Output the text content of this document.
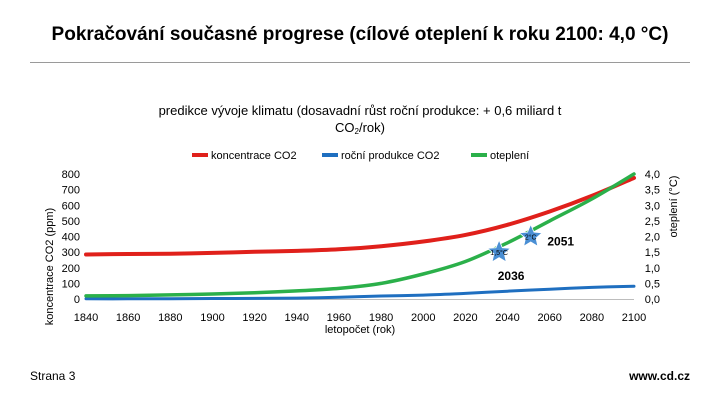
Pokračování současné progrese (cílové oteplení k roku 2100: 4,0 °C)
predikce vývoje klimatu (dosavadní růst roční produkce: + 0,6 miliard t
$CO_2/rok$)
koncentrace CO2	roční produkce CO2	oteplení
1840 1860 1880 1900 1920 1940 1960 1980 2000 2020 2040 2060 2080 2100
0
100
200
300
400
500
600
700
800
0,0
0,5
1,0
1,5
2,0
2,5
3,0
3,5
4,0
letopočet (rok)
koncentrace CO2 (ppm)
oteplení (°C)
1,5°C
2°C
2036
2051
Strana 3	www.cd.cz
